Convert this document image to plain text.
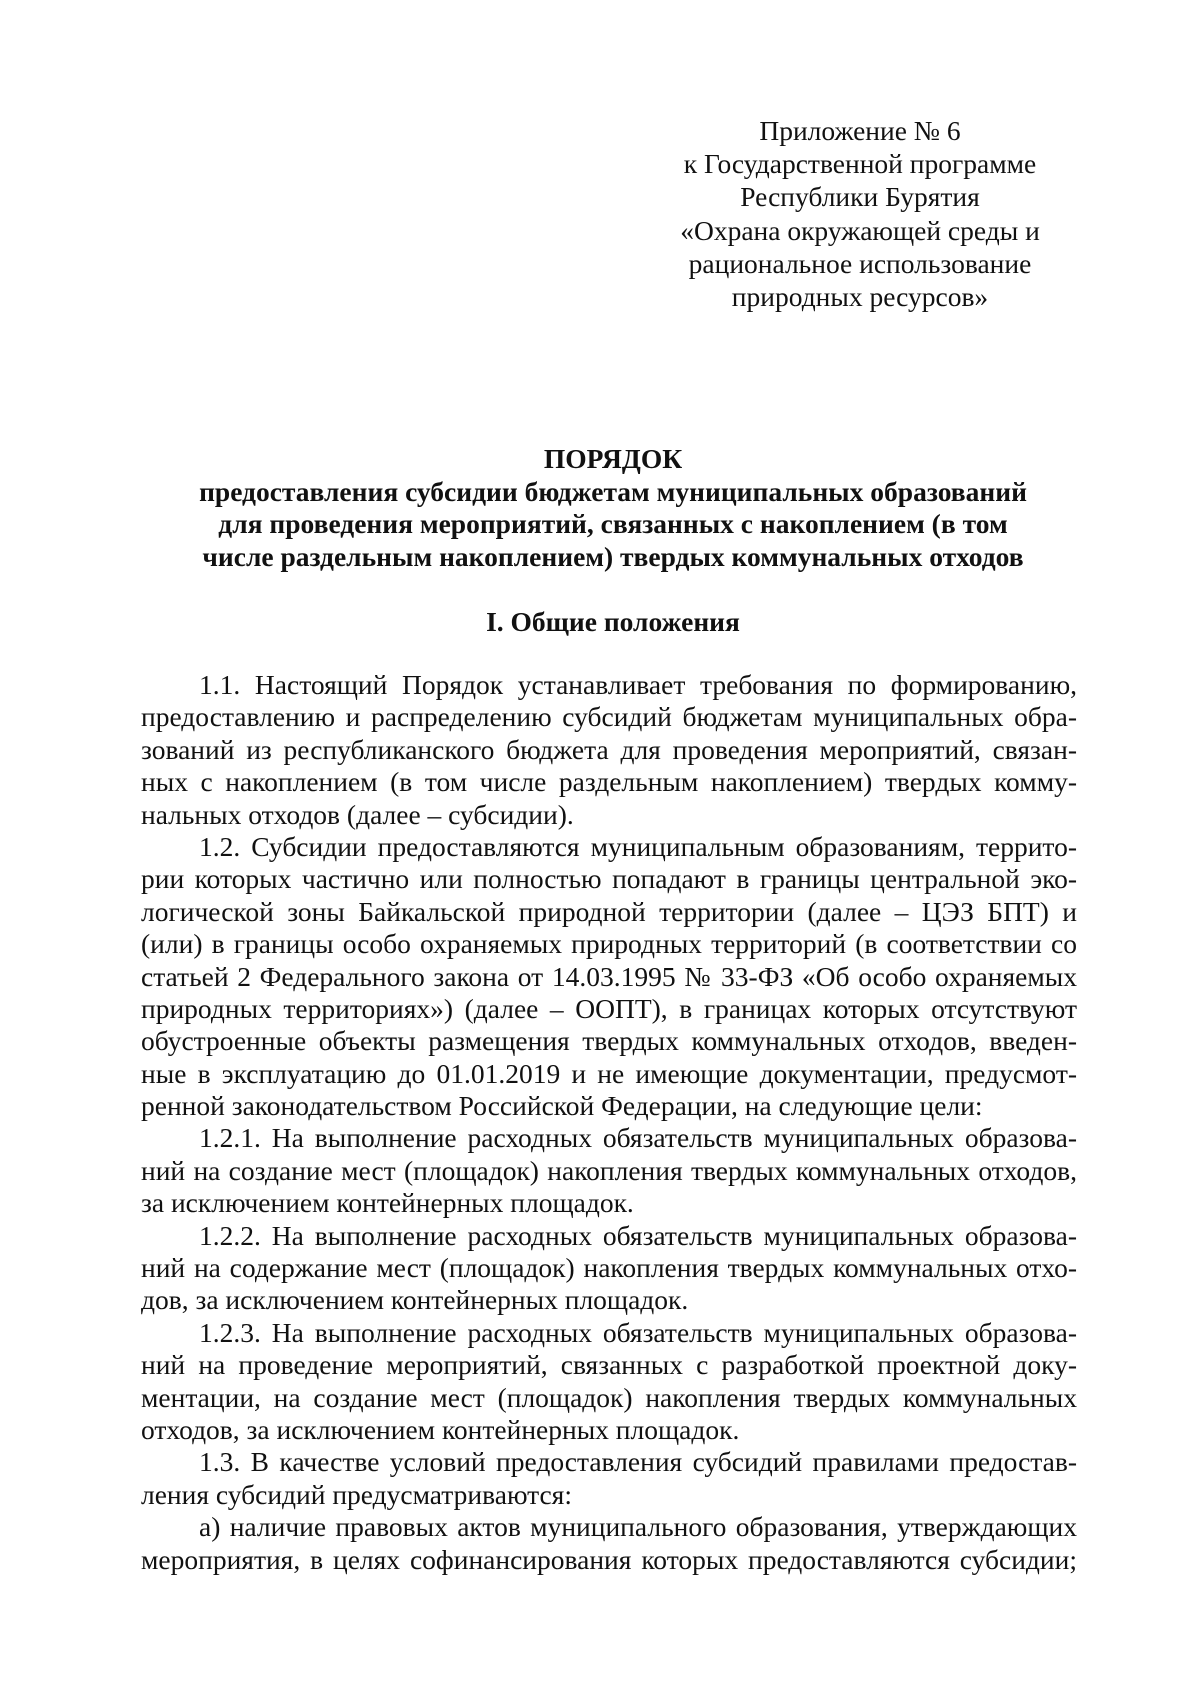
Приложение № 6
к Государственной программе
Республики Бурятия
«Охрана окружающей среды и
рациональное использование
природных ресурсов»
ПОРЯДОК
предоставления субсидии бюджетам муниципальных образований
для проведения мероприятий, связанных с накоплением (в том
числе раздельным накоплением) твердых коммунальных отходов
I. Общие положения
1.1. Настоящий Порядок устанавливает требования по формированию,
предоставлению и распределению субсидий бюджетам муниципальных обра-
зований из республиканского бюджета для проведения мероприятий, связан-
ных с накоплением (в том числе раздельным накоплением) твердых комму-
нальных отходов (далее – субсидии).
1.2. Субсидии предоставляются муниципальным образованиям, террито-
рии которых частично или полностью попадают в границы центральной эко-
логической зоны Байкальской природной территории (далее – ЦЭЗ БПТ) и
(или) в границы особо охраняемых природных территорий (в соответствии со
статьей 2 Федерального закона от 14.03.1995 № 33-ФЗ «Об особо охраняемых
природных территориях») (далее – ООПТ), в границах которых отсутствуют
обустроенные объекты размещения твердых коммунальных отходов, введен-
ные в эксплуатацию до 01.01.2019 и не имеющие документации, предусмот-
ренной законодательством Российской Федерации, на следующие цели:
1.2.1. На выполнение расходных обязательств муниципальных образова-
ний на создание мест (площадок) накопления твердых коммунальных отходов,
за исключением контейнерных площадок.
1.2.2. На выполнение расходных обязательств муниципальных образова-
ний на содержание мест (площадок) накопления твердых коммунальных отхо-
дов, за исключением контейнерных площадок.
1.2.3. На выполнение расходных обязательств муниципальных образова-
ний на проведение мероприятий, связанных с разработкой проектной доку-
ментации, на создание мест (площадок) накопления твердых коммунальных
отходов, за исключением контейнерных площадок.
1.3. В качестве условий предоставления субсидий правилами предостав-
ления субсидий предусматриваются:
а) наличие правовых актов муниципального образования, утверждающих
мероприятия, в целях софинансирования которых предоставляются субсидии;
